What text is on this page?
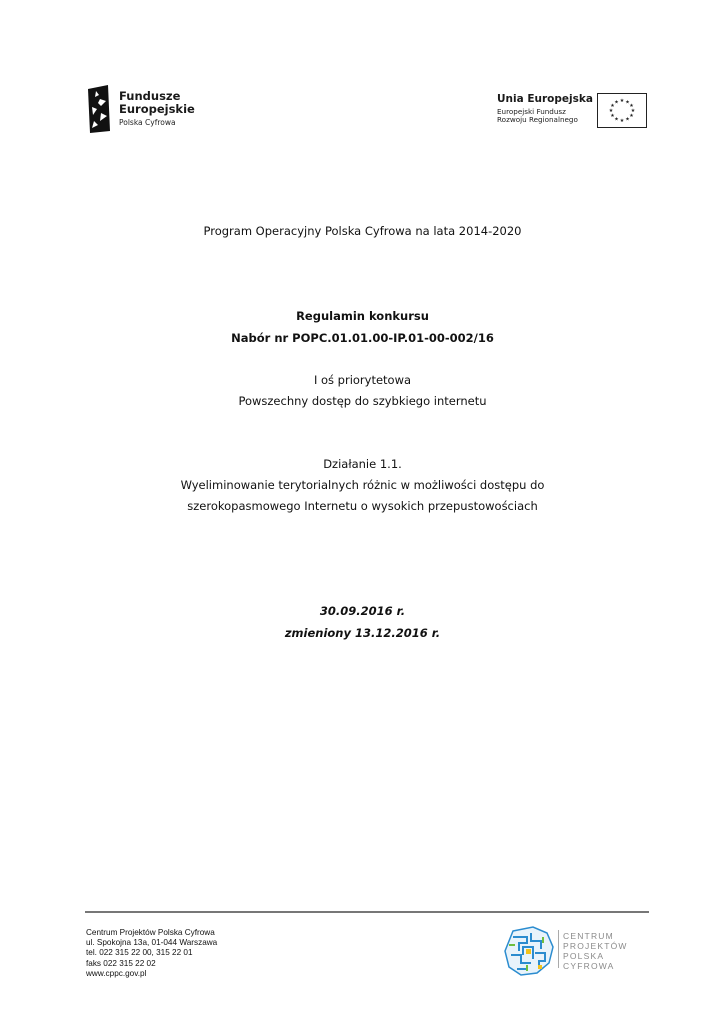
Fundusze
Europejskie
Polska Cyfrowa
Unia Europejska
Europejski Fundusz
Rozwoju Regionalnego
★ ★
★
★
★
★
★
★
★
★
★
★
Program Operacyjny Polska Cyfrowa na lata 2014-2020
Regulamin konkursu
Nabór nr POPC.01.01.00-IP.01-00-002/16
I oś priorytetowa
Powszechny dostęp do szybkiego internetu
Działanie 1.1.
Wyeliminowanie terytorialnych różnic w możliwości dostępu do
szerokopasmowego Internetu o wysokich przepustowościach
30.09.2016 r.
zmieniony 13.12.2016 r.
Centrum Projektów Polska Cyfrowa
ul. Spokojna 13a, 01-044 Warszawa
tel. 022 315 22 00, 315 22 01
faks 022 315 22 02
www.cppc.gov.pl
CENTRUM
PROJEKTÓW
POLSKA
CYFROWA
